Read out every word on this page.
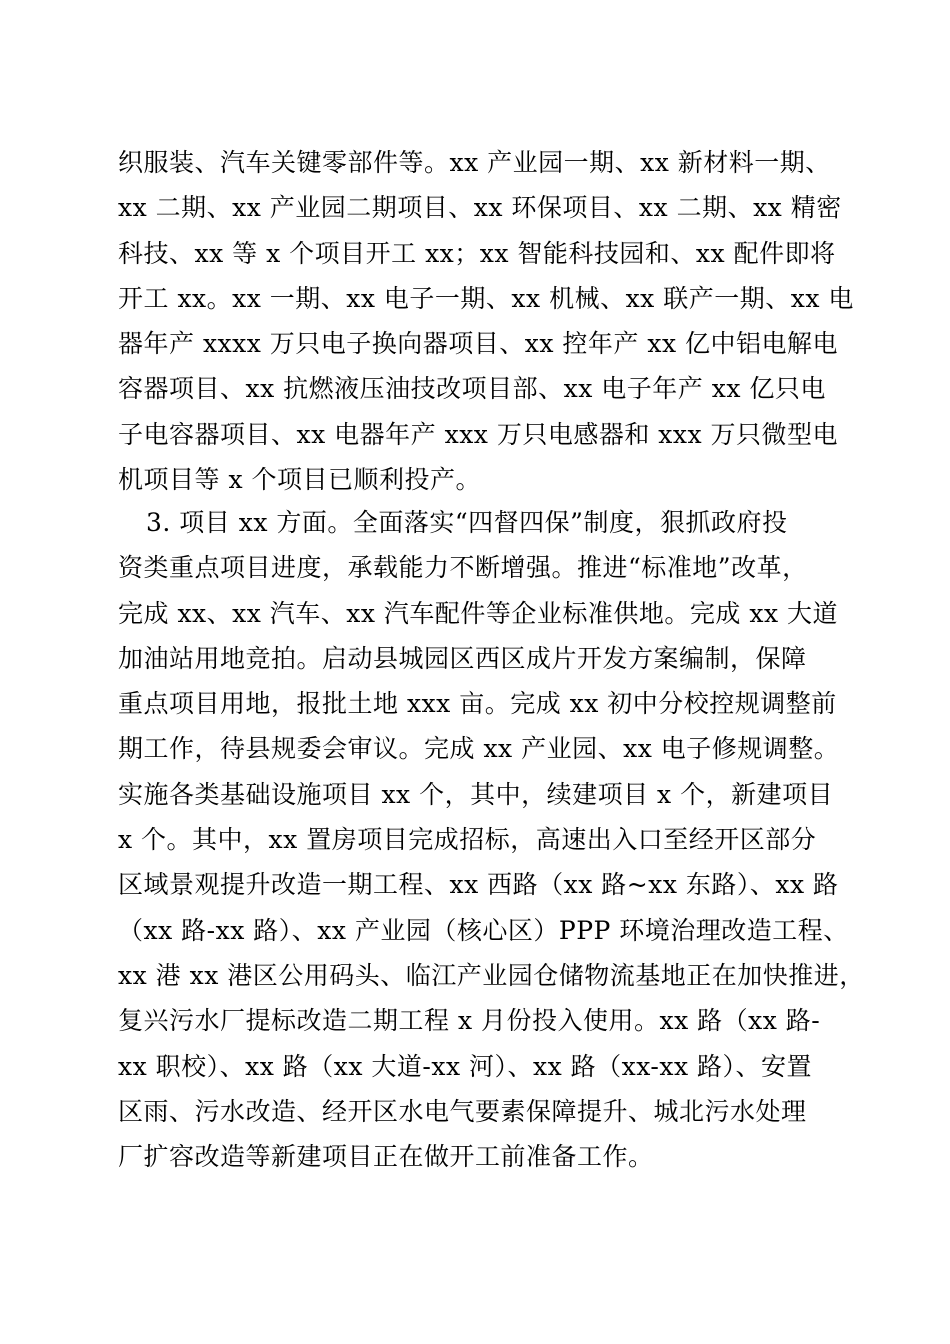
织服装、汽车关键零部件等。xx 产业园一期、xx 新材料一期、
xx 二期、xx 产业园二期项目、xx 环保项目、xx 二期、xx 精密
科技、xx 等 x 个项目开工 xx；xx 智能科技园和、xx 配件即将
开工 xx。xx 一期、xx 电子一期、xx 机械、xx 联产一期、xx 电
器年产 xxxx 万只电子换向器项目、xx 控年产 xx 亿中铝电解电
容器项目、xx 抗燃液压油技改项目部、xx 电子年产 xx 亿只电
子电容器项目、xx 电器年产 xxx 万只电感器和 xxx 万只微型电
机项目等 x 个项目已顺利投产。
3. 项目 xx 方面。全面落实“四督四保”制度，狠抓政府投
资类重点项目进度，承载能力不断增强。推进“标准地”改革，
完成 xx、xx 汽车、xx 汽车配件等企业标准供地。完成 xx 大道
加油站用地竞拍。启动县城园区西区成片开发方案编制，保障
重点项目用地，报批土地 xxx 亩。完成 xx 初中分校控规调整前
期工作，待县规委会审议。完成 xx 产业园、xx 电子修规调整。
实施各类基础设施项目 xx 个，其中，续建项目 x 个，新建项目
x 个。其中，xx 置房项目完成招标，高速出入口至经开区部分
区域景观提升改造一期工程、xx 西路（xx 路~xx 东路）、xx 路
（xx 路-xx 路）、xx 产业园（核心区）PPP 环境治理改造工程、
xx 港 xx 港区公用码头、临江产业园仓储物流基地正在加快推进，
复兴污水厂提标改造二期工程 x 月份投入使用。xx 路（xx 路-
xx 职校）、xx 路（xx 大道-xx 河）、xx 路（xx-xx 路）、安置
区雨、污水改造、经开区水电气要素保障提升、城北污水处理
厂扩容改造等新建项目正在做开工前准备工作。
